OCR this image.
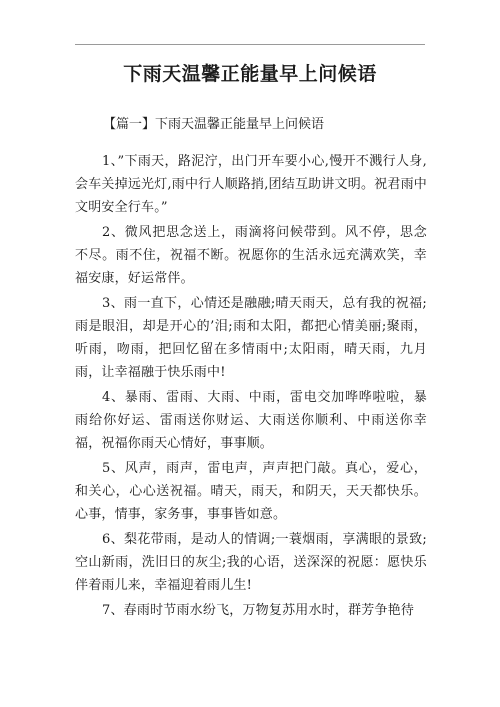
下雨天温馨正能量早上问候语

【篇一】下雨天温馨正能量早上问候语

1、”下雨天，路泥泞，出门开车要小心,慢开不溅行人身,会车关掉远光灯,雨中行人顺路捎,团结互助讲文明。祝君雨中文明安全行车。”

2、微风把思念送上，雨滴将问候带到。风不停，思念不尽。雨不住，祝福不断。祝愿你的生活永远充满欢笑，幸福安康，好运常伴。

3、雨一直下，心情还是融融;晴天雨天，总有我的祝福;雨是眼泪，却是开心的’泪;雨和太阳，都把心情美丽;聚雨，听雨，吻雨，把回忆留在多情雨中;太阳雨，晴天雨，九月雨，让幸福融于快乐雨中!

4、暴雨、雷雨、大雨、中雨，雷电交加哗哗啦啦，暴雨给你好运、雷雨送你财运、大雨送你顺利、中雨送你幸福，祝福你雨天心情好，事事顺。

5、风声，雨声，雷电声，声声把门敲。真心，爱心，和关心，心心送祝福。晴天，雨天，和阴天，天天都快乐。心事，情事，家务事，事事皆如意。

6、梨花带雨，是动人的情调;一蓑烟雨，享满眼的景致;空山新雨，洗旧日的灰尘;我的心语，送深深的祝愿：愿快乐伴着雨儿来，幸福迎着雨儿生!

7、春雨时节雨水纷飞，万物复苏用水时，群芳争艳待
